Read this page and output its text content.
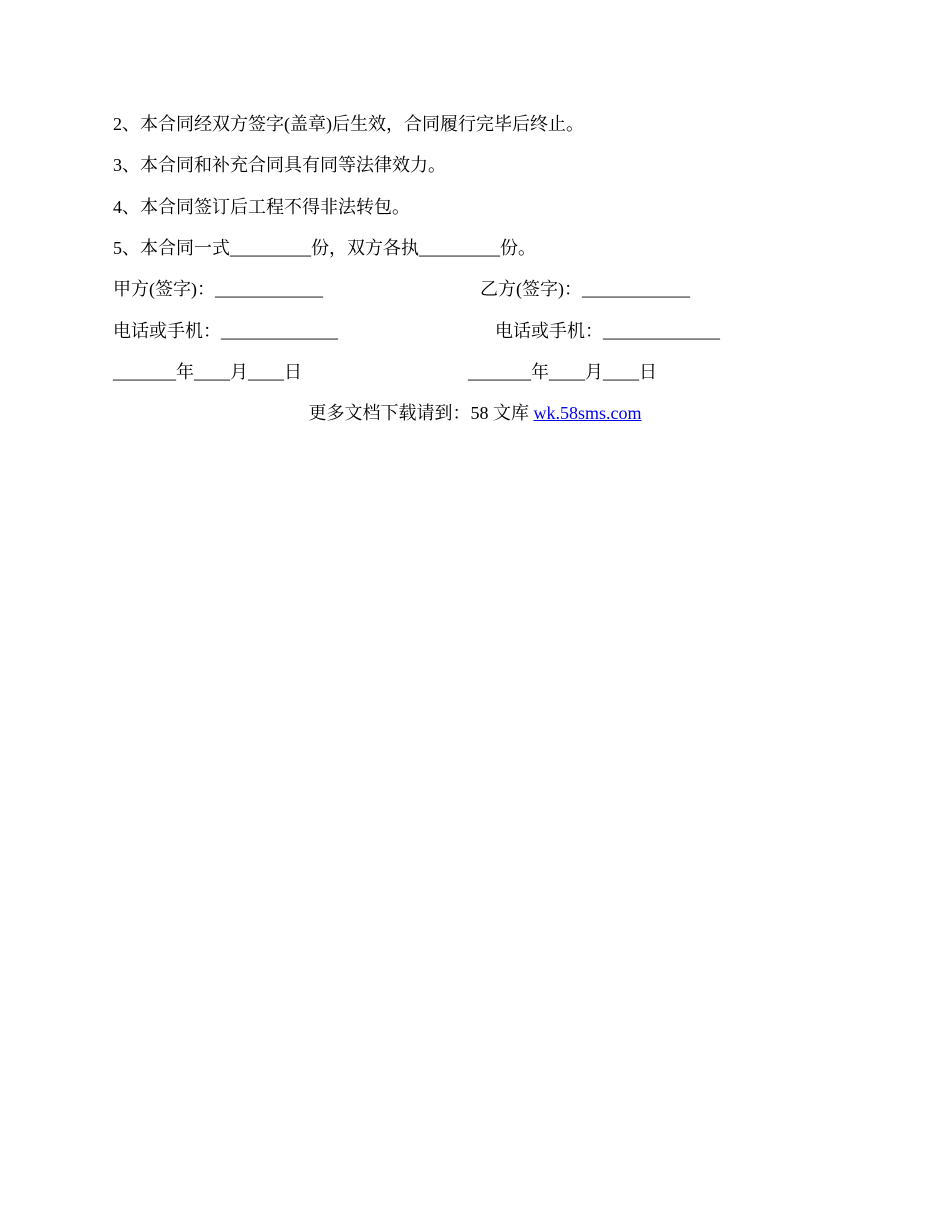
2、本合同经双方签字(盖章)后生效，合同履行完毕后终止。
3、本合同和补充合同具有同等法律效力。
4、本合同签订后工程不得非法转包。
5、本合同一式_________份，双方各执_________份。
甲方(签字)：____________	乙方(签字)：____________
电话或手机：_____________	电话或手机：_____________
_______年____月____日	_______年____月____日
更多文档下载请到：58 文库 wk.58sms.com
